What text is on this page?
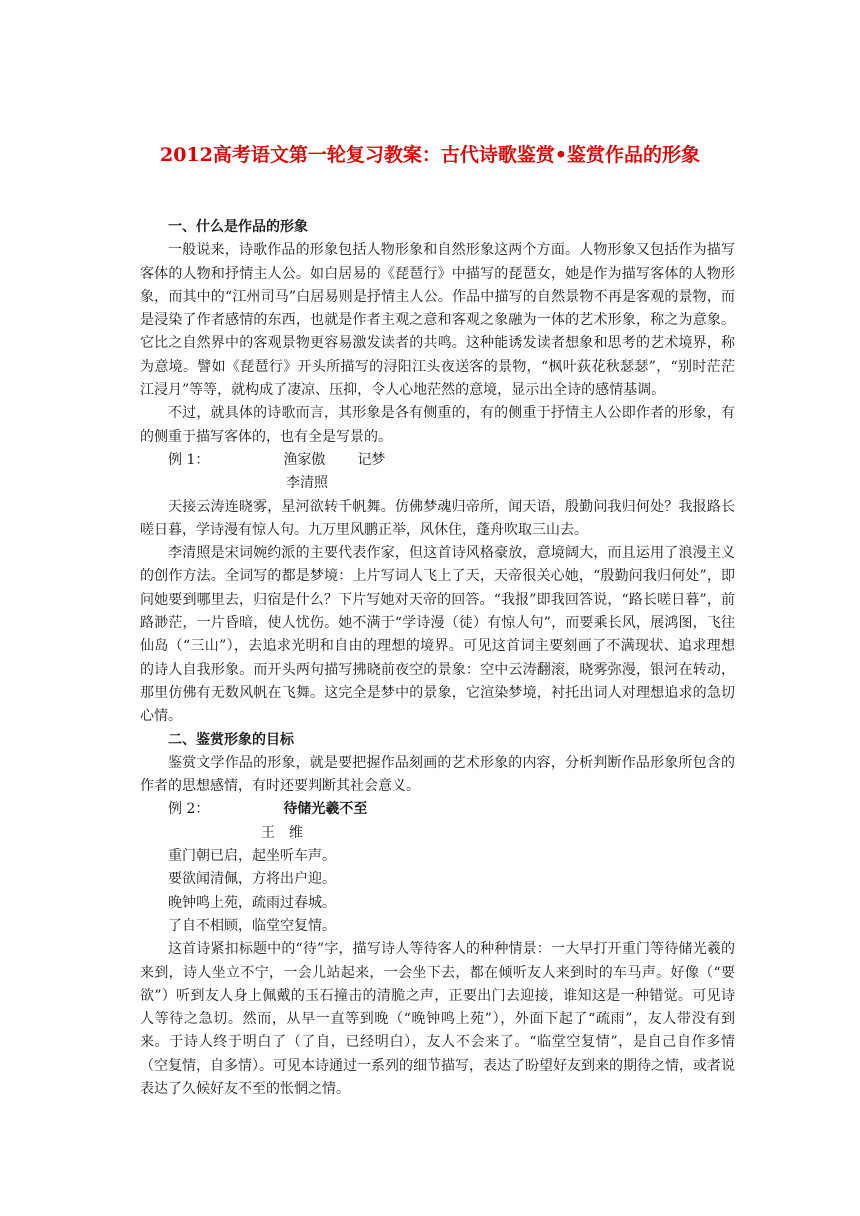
2012高考语文第一轮复习教案：古代诗歌鉴赏•鉴赏作品的形象

一、什么是作品的形象

一般说来，诗歌作品的形象包括人物形象和自然形象这两个方面。人物形象又包括作为描写客体的人物和抒情主人公。如白居易的《琵琶行》中描写的琵琶女，她是作为描写客体的人物形象，而其中的“江州司马”白居易则是抒情主人公。作品中描写的自然景物不再是客观的景物，而是浸染了作者感情的东西，也就是作者主观之意和客观之象融为一体的艺术形象，称之为意象。它比之自然界中的客观景物更容易激发读者的共鸣。这种能诱发读者想象和思考的艺术境界，称为意境。譬如《琵琶行》开头所描写的浔阳江头夜送客的景物，“枫叶荻花秋瑟瑟”，“别时茫茫江浸月”等等，就构成了凄凉、压抑，令人心地茫然的意境，显示出全诗的感情基调。

不过，就具体的诗歌而言，其形象是各有侧重的，有的侧重于抒情主人公即作者的形象，有的侧重于描写客体的，也有全是写景的。

例 1：	渔家傲 记梦

李清照

天接云涛连晓雾，星河欲转千帆舞。仿佛梦魂归帝所，闻天语，殷勤问我归何处？我报路长嗟日暮，学诗漫有惊人句。九万里风鹏正举，风休住，蓬舟吹取三山去。

李清照是宋词婉约派的主要代表作家，但这首诗风格豪放，意境阔大，而且运用了浪漫主义的创作方法。全词写的都是梦境：上片写词人飞上了天，天帝很关心她，“殷勤问我归何处”，即问她要到哪里去，归宿是什么？下片写她对天帝的回答。“我报”即我回答说，“路长嗟日暮”，前路渺茫，一片昏暗，使人忧伤。她不满于“学诗漫（徒）有惊人句”，而要乘长风，展鸿图，飞往仙岛（“三山”），去追求光明和自由的理想的境界。可见这首词主要刻画了不满现状、追求理想的诗人自我形象。而开头两句描写拂晓前夜空的景象：空中云涛翻滚，晓雾弥漫，银河在转动，那里仿佛有无数风帆在飞舞。这完全是梦中的景象，它渲染梦境，衬托出词人对理想追求的急切心情。

二、鉴赏形象的目标

鉴赏文学作品的形象，就是要把握作品刻画的艺术形象的内容，分析判断作品形象所包含的作者的思想感情，有时还要判断其社会意义。

例 2：	待储光羲不至

王　维

重门朝已启，起坐听车声。

要欲闻清佩，方将出户迎。

晚钟鸣上苑，疏雨过春城。

了自不相顾，临堂空复情。

这首诗紧扣标题中的“待”字，描写诗人等待客人的种种情景：一大早打开重门等待储光羲的来到，诗人坐立不宁，一会儿站起来，一会坐下去，都在倾听友人来到时的车马声。好像（“要欲”）听到友人身上佩戴的玉石撞击的清脆之声，正要出门去迎接，谁知这是一种错觉。可见诗人等待之急切。然而，从早一直等到晚（“晚钟鸣上苑”），外面下起了“疏雨”，友人带没有到来。于诗人终于明白了（了自，已经明白），友人不会来了。“临堂空复情”，是自己自作多情（空复情，自多情）。可见本诗通过一系列的细节描写，表达了盼望好友到来的期待之情，或者说表达了久候好友不至的怅惘之情。
